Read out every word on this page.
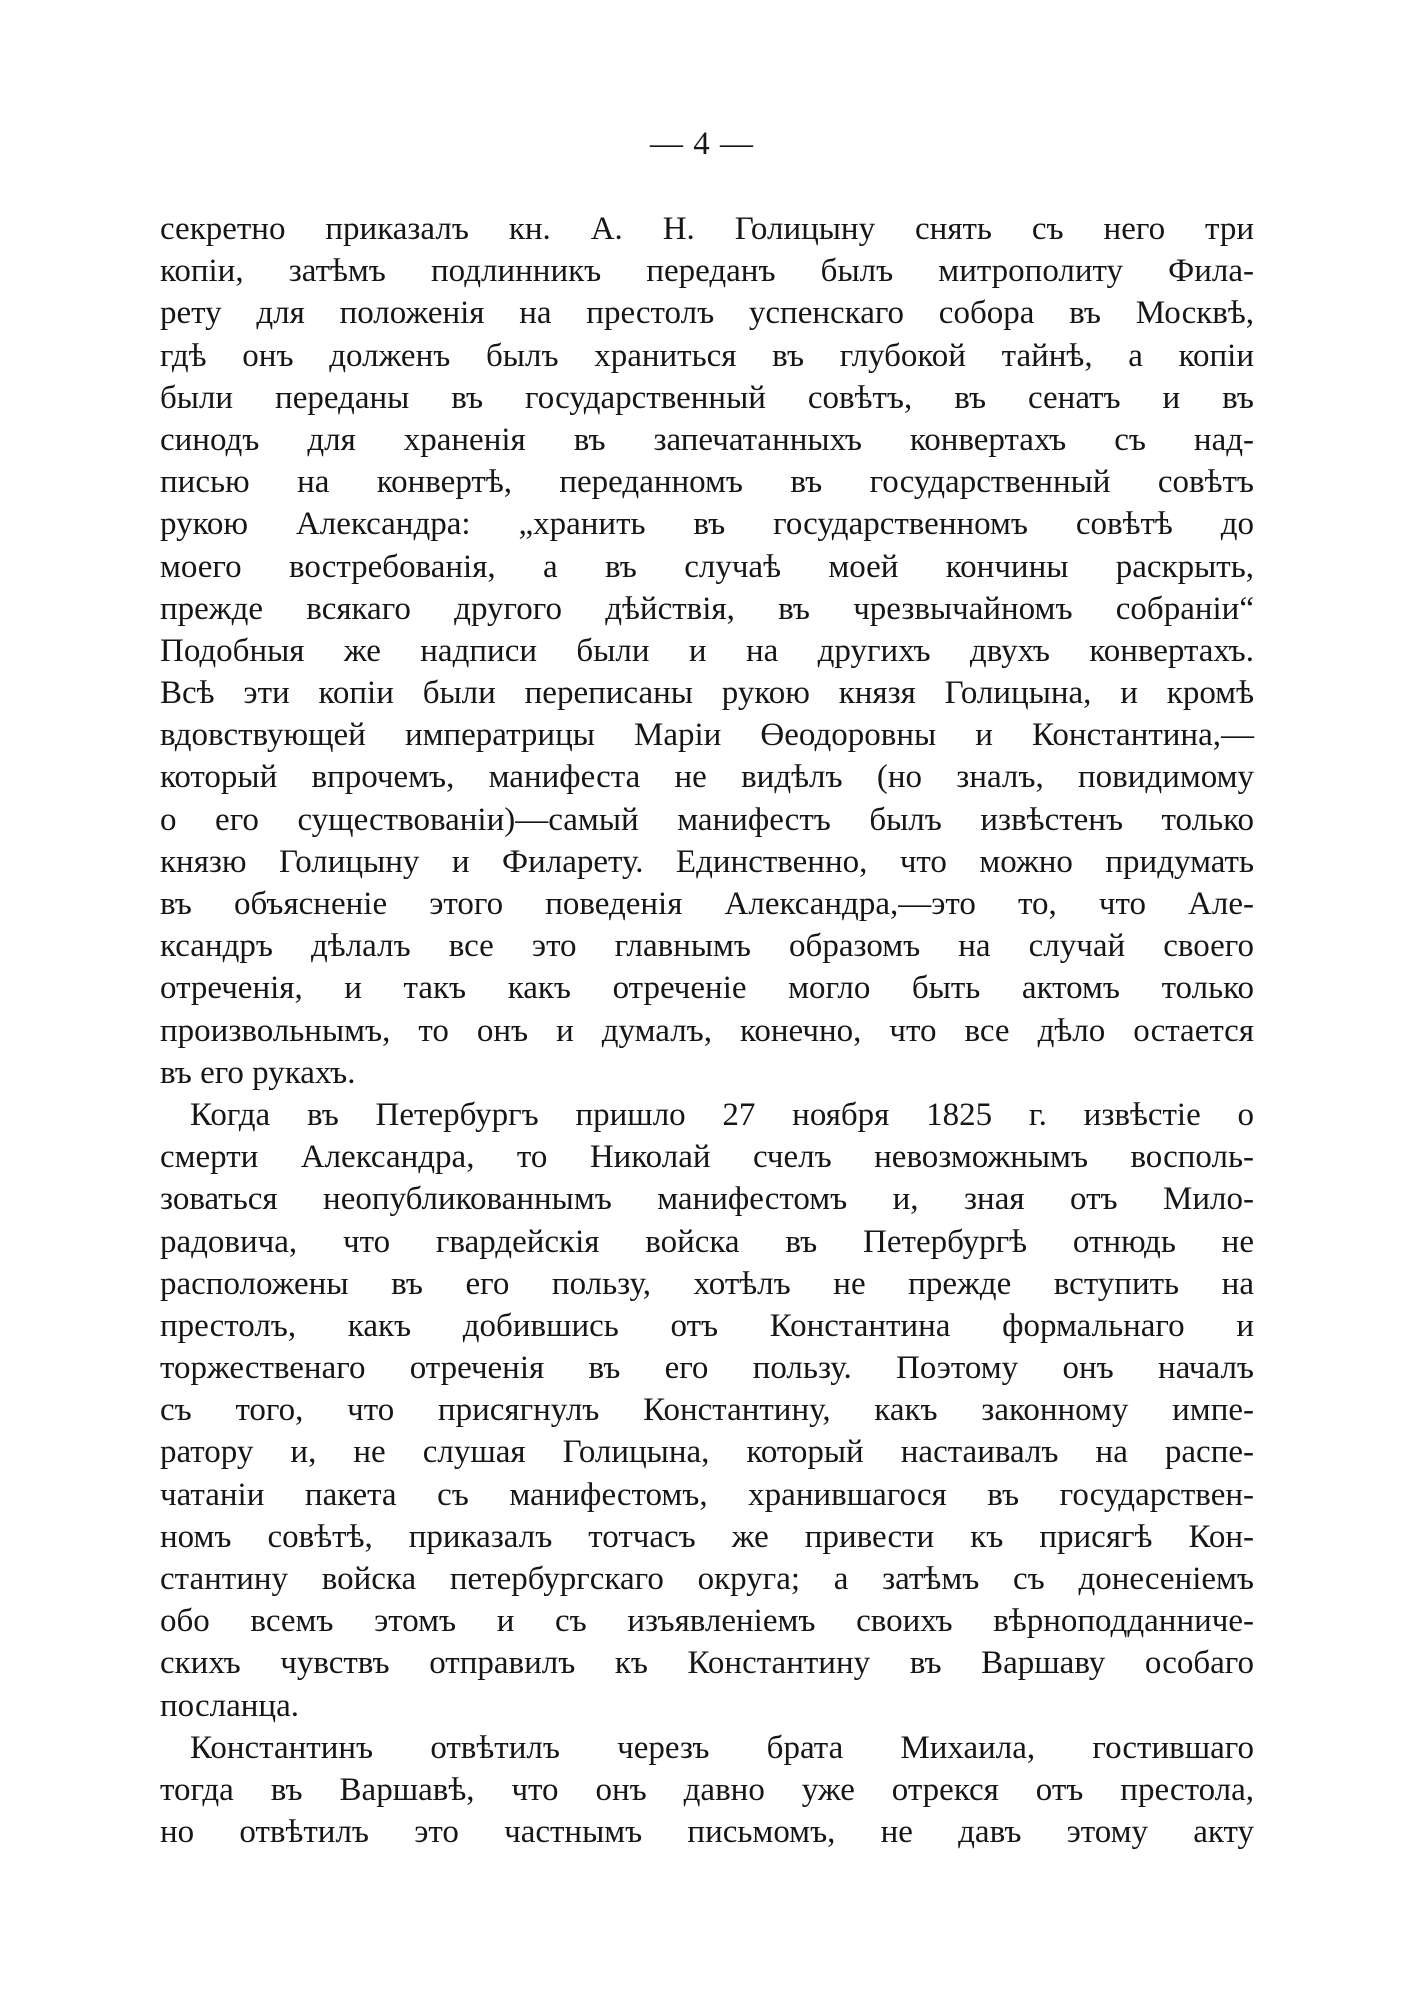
— 4 —
секретно приказалъ кн. А. Н. Голицыну снять съ него три
копіи, затѣмъ подлинникъ переданъ былъ митрополиту Фила-
рету для положенія на престолъ успенскаго собора въ Москвѣ,
гдѣ онъ долженъ былъ храниться въ глубокой тайнѣ, а копіи
были переданы въ государственный совѣтъ, въ сенатъ и въ
синодъ для храненія въ запечатанныхъ конвертахъ съ над-
писью на конвертѣ, переданномъ въ государственный совѣтъ
рукою Александра: „хранить въ государственномъ совѣтѣ до
моего востребованія, а въ случаѣ моей кончины раскрыть,
прежде всякаго другого дѣйствія, въ чрезвычайномъ собраніи“
Подобныя же надписи были и на другихъ двухъ конвертахъ.
Всѣ эти копіи были переписаны рукою князя Голицына, и кромѣ
вдовствующей императрицы Маріи Өеодоровны и Константина,—
который впрочемъ, манифеста не видѣлъ (но зналъ, повидимому
о его существованіи)—самый манифестъ былъ извѣстенъ только
князю Голицыну и Филарету. Единственно, что можно придумать
въ объясненіе этого поведенія Александра,—это то, что Але-
ксандръ дѣлалъ все это главнымъ образомъ на случай своего
отреченія, и такъ какъ отреченіе могло быть актомъ только
произвольнымъ, то онъ и думалъ, конечно, что все дѣло остается
въ его рукахъ.
Когда въ Петербургъ пришло 27 ноября 1825 г. извѣстіе о
смерти Александра, то Николай счелъ невозможнымъ восполь-
зоваться неопубликованнымъ манифестомъ и, зная отъ Мило-
радовича, что гвардейскія войска въ Петербургѣ отнюдь не
расположены въ его пользу, хотѣлъ не прежде вступить на
престолъ, какъ добившись отъ Константина формальнаго и
торжественаго отреченія въ его пользу. Поэтому онъ началъ
съ того, что присягнулъ Константину, какъ законному импе-
ратору и, не слушая Голицына, который настаивалъ на распе-
чатаніи пакета съ манифестомъ, хранившагося въ государствен-
номъ совѣтѣ, приказалъ тотчасъ же привести къ присягѣ Кон-
стантину войска петербургскаго округа; а затѣмъ съ донесеніемъ
обо всемъ этомъ и съ изъявленіемъ своихъ вѣрноподданниче-
скихъ чувствъ отправилъ къ Константину въ Варшаву особаго
посланца.
Константинъ отвѣтилъ черезъ брата Михаила, гостившаго
тогда въ Варшавѣ, что онъ давно уже отрекся отъ престола,
но отвѣтилъ это частнымъ письмомъ, не давъ этому акту
